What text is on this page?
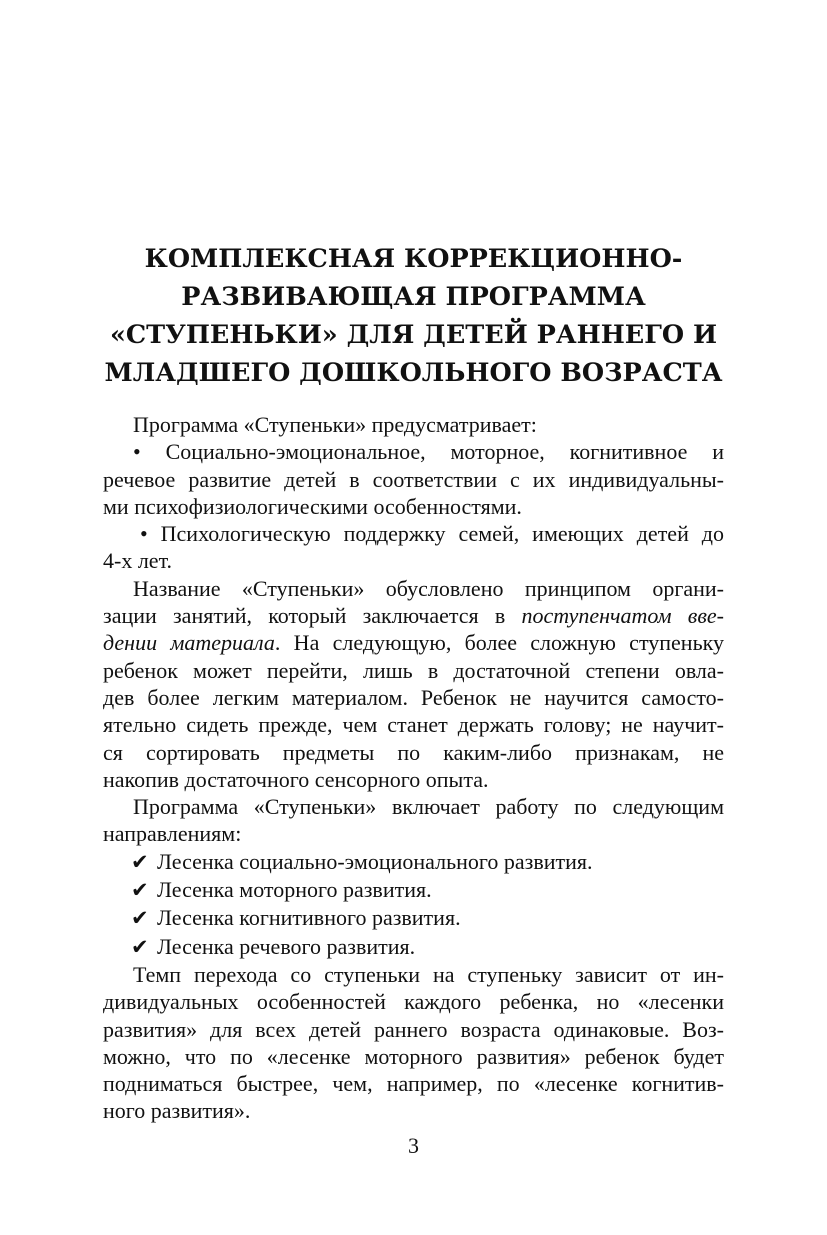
КОМПЛЕКСНАЯ КОРРЕКЦИОННО-
РАЗВИВАЮЩАЯ ПРОГРАММА
«СТУПЕНЬКИ» ДЛЯ ДЕТЕЙ РАННЕГО И
МЛАДШЕГО ДОШКОЛЬНОГО ВОЗРАСТА

Программа «Ступеньки» предусматривает:

• Социально-эмоциональное, моторное, когнитивное и
речевое развитие детей в соответствии с их индивидуальны-
ми психофизиологическими особенностями.

• Психологическую поддержку семей, имеющих детей до
4-х лет.

Название «Ступеньки» обусловлено принципом органи-
зации занятий, который заключается в поступенчатом вве-
дении материала. На следующую, более сложную ступеньку
ребенок может перейти, лишь в достаточной степени овла-
дев более легким материалом. Ребенок не научится самосто-
ятельно сидеть прежде, чем станет держать голову; не научит-
ся сортировать предметы по каким-либо признакам, не
накопив достаточного сенсорного опыта.

Программа «Ступеньки» включает работу по следующим
направлениям:

✔ Лесенка социально-эмоционального развития.
✔ Лесенка моторного развития.
✔ Лесенка когнитивного развития.
✔ Лесенка речевого развития.

Темп перехода со ступеньки на ступеньку зависит от ин-
дивидуальных особенностей каждого ребенка, но «лесенки
развития» для всех детей раннего возраста одинаковые. Воз-
можно, что по «лесенке моторного развития» ребенок будет
подниматься быстрее, чем, например, по «лесенке когнитив-
ного развития».

3
